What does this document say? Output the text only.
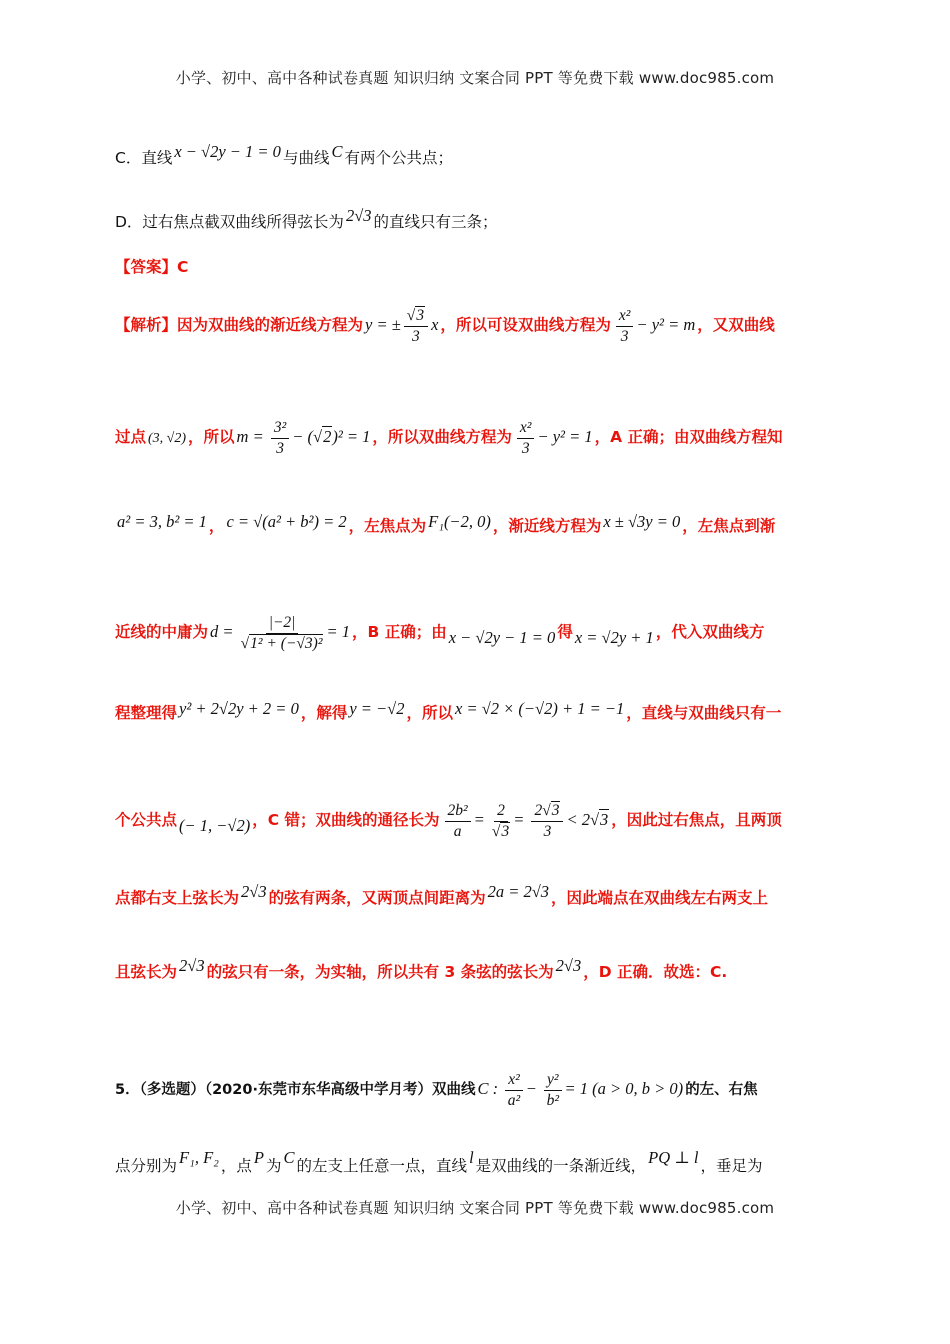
小学、初中、高中各种试卷真题 知识归纳 文案合同 PPT 等免费下载 www.doc985.com
C．直线 x − √2y − 1 = 0 与曲线 C 有两个公共点；
D．过右焦点截双曲线所得弦长为 2√3 的直线只有三条；
【答案】C
【解析】因为双曲线的渐近线方程为 y = ± $\frac{√3}{3}$ x ，所以可设双曲线方程为 $\frac{\text{x²}}{3} - y^2 = m$ ，又双曲线
过点 (3, √2) ，所以 $m = \frac{\text{3²}}{3} - (√2)^2 = 1$ ，所以双曲线方程为 $\frac{\text{x²}}{3} - y^2 = 1$ ，A 正确；由双曲线方程知
a² = 3, b² = 1 ， c = √(a² + b²) = 2 ，左焦点为 F₁(−2, 0) ，渐近线方程为 x ± √3y = 0 ，左焦点到渐
近线的中庸为 $d = \frac{|-2|}{\text{√1² + (−√3)²}} = 1$ ，B 正确；由 x − √2y − 1 = 0 得 x = √2y + 1 ，代入双曲线方
程整理得 y² + 2√2y + 2 = 0 ，解得 y = −√2 ，所以 x = √2 × (−√2) + 1 = −1 ，直线与双曲线只有一
个公共点 (− 1, −√2) ，C 错；双曲线的通径长为 $\frac{\text{2b²}}{a} = \frac{2}{√3} = \frac{2√3}{3} < 2√3$ ，因此过右焦点，且两顶
点都右支上弦长为 2√3 的弦有两条，又两顶点间距离为 2a = 2√3 ，因此端点在双曲线左右两支上
且弦长为 2√3 的弦只有一条，为实轴，所以共有 3 条弦的弦长为 2√3 ，D 正确．故选：C.
5．（多选题）（2020·东莞市东华高级中学月考）双曲线 C : $\frac{\text{x²}}{\text{a²}} - \frac{\text{y²}}{\text{b²}} = 1$ (a > 0, b > 0) 的左、右焦
点分别为 F₁, F₂ ，点 P 为 C 的左支上任意一点，直线 l 是双曲线的一条渐近线， PQ ⊥ l ，垂足为
小学、初中、高中各种试卷真题 知识归纳 文案合同 PPT 等免费下载 www.doc985.com
